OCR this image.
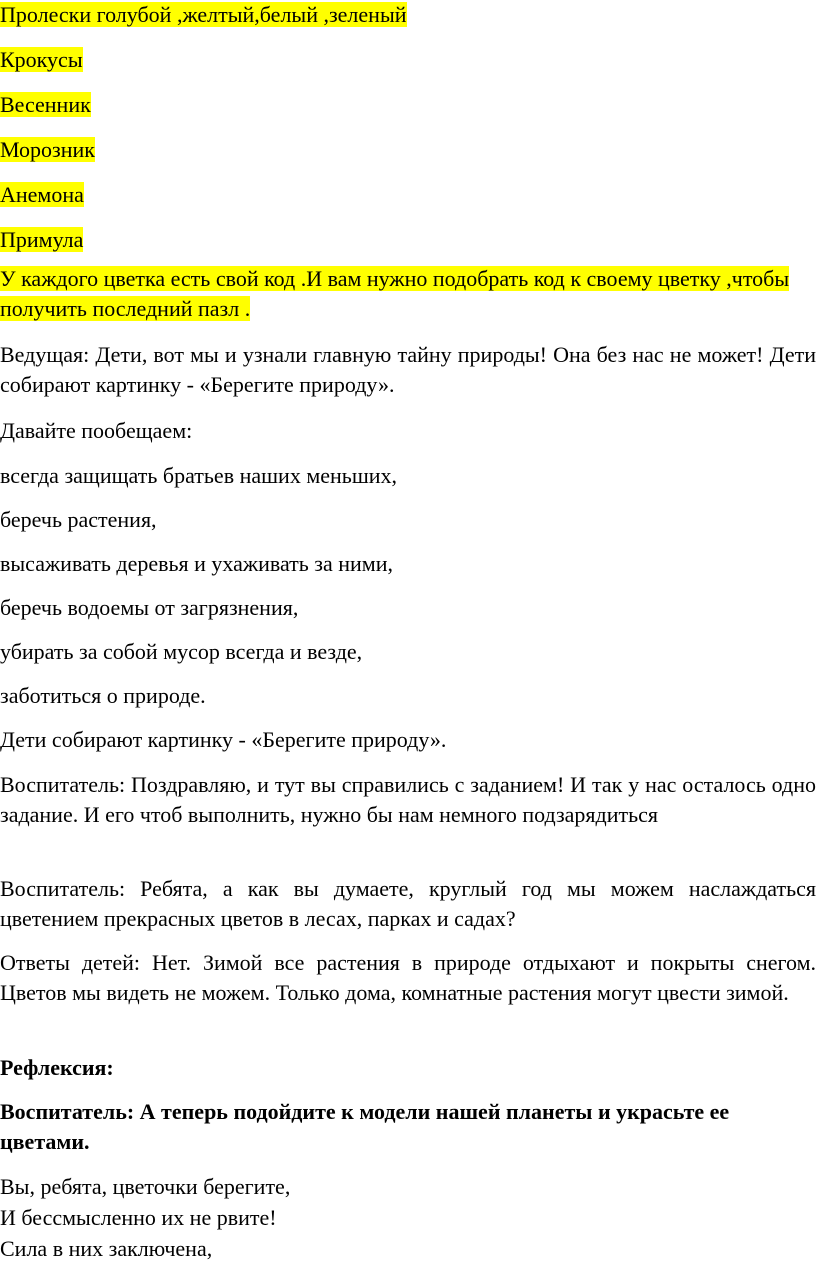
Пролески голубой ,желтый,белый ,зеленый

Крокусы

Весенник

Морозник

Анемона

Примула

У каждого цветка есть свой код .И вам нужно подобрать код к своему цветку ,чтобы получить последний пазл .

Ведущая: Дети, вот мы и узнали главную тайну природы! Она без нас не может! Дети собирают картинку - «Берегите природу».

Давайте пообещаем:

всегда защищать братьев наших меньших,

беречь растения,

высаживать деревья и ухаживать за ними,

беречь водоемы от загрязнения,

убирать за собой мусор всегда и везде,

заботиться о природе.

Дети собирают картинку - «Берегите природу».

Воспитатель: Поздравляю, и тут вы справились с заданием! И так у нас осталось одно задание. И его чтоб выполнить, нужно бы нам немного подзарядиться

Воспитатель: Ребята, а как вы думаете, круглый год мы можем наслаждаться цветением прекрасных цветов в лесах, парках и садах?

Ответы детей: Нет. Зимой все растения в природе отдыхают и покрыты снегом. Цветов мы видеть не можем. Только дома, комнатные растения могут цвести зимой.

Рефлексия:

Воспитатель: А теперь подойдите к модели нашей планеты и украсьте ее цветами.

Вы, ребята, цветочки берегите,

И бессмысленно их не рвите!

Сила в них заключена,
